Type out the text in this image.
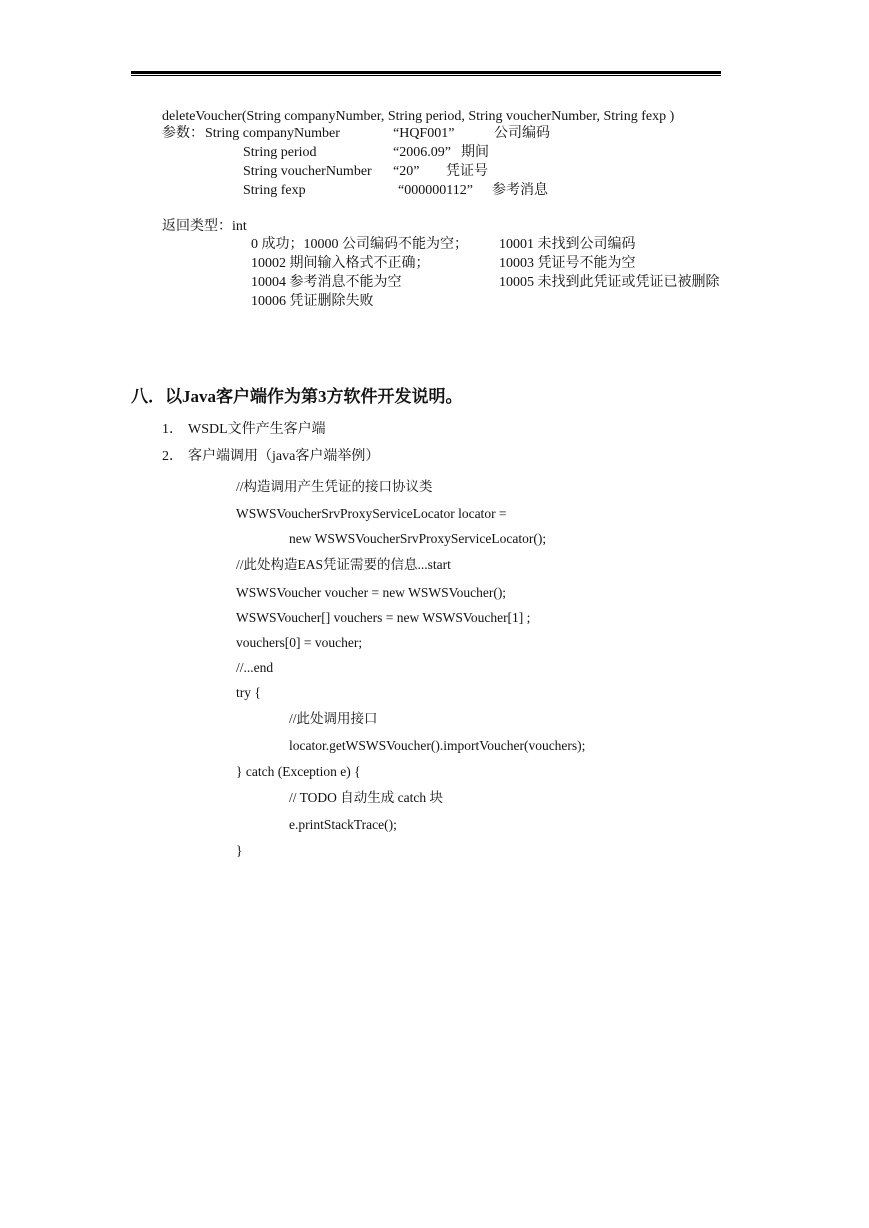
deleteVoucher(String companyNumber, String period, String voucherNumber, String fexp )
参数： String companyNumber	“HQF001”	公司编码
String period	“2006.09” 期间
String voucherNumber “20” 凭证号
String fexp	“000000112” 参考消息
返回类型：int
0 成功；10000 公司编码不能为空； 10001 未找到公司编码
10002 期间输入格式不正确；	10003 凭证号不能为空
10004 参考消息不能为空	10005 未找到此凭证或凭证已被删除
10006 凭证删除失败
八．以Java客户端作为第3方软件开发说明。
1． WSDL文件产生客户端
2． 客户端调用（java客户端举例）
//构造调用产生凭证的接口协议类
WSWSVoucherSrvProxyServiceLocator locator =
new WSWSVoucherSrvProxyServiceLocator();
//此处构造EAS凭证需要的信息...start
WSWSVoucher voucher = new WSWSVoucher();
WSWSVoucher[] vouchers = new WSWSVoucher[1] ;
vouchers[0] = voucher;
//...end
try {
//此处调用接口
locator.getWSWSVoucher().importVoucher(vouchers);
} catch (Exception e) {
// TODO 自动生成 catch 块
e.printStackTrace();
}
